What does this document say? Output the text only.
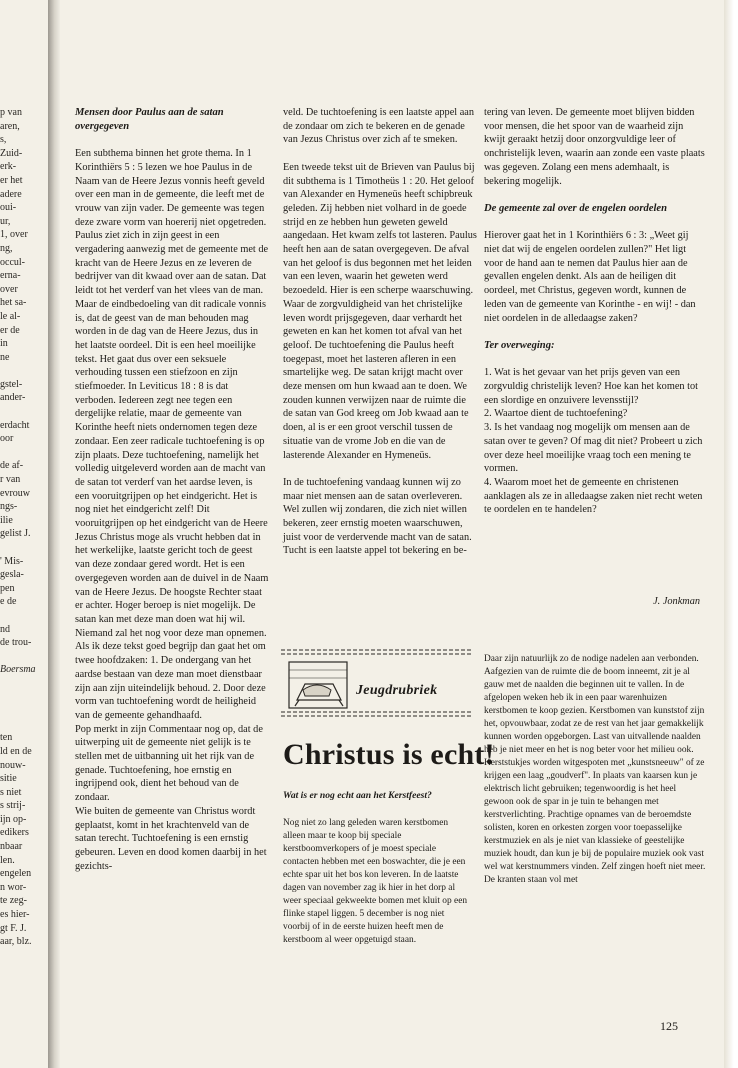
p van
aren,
s,
Zuid-
erk-
er het
adere
oui-
ur,
1, over
ng,
occul-
erna-
over
het sa-
le al-
er de
in
ne
gstel-
ander-
erdacht
oor
de af-
r van
evrouw
ngs-
ilie
gelist J.
' Mis-
gesla-
pen
e de
nd
de trou-
Boersma
ten
ld en de
nouw-
sitie
s niet
s strij-
ijn op-
edikers
nbaar
len.
engelen
n wor-
te zeg-
es hier-
gt F. J.
aar, blz.
Mensen door Paulus aan de satan overgegeven

Een subthema binnen het grote thema. In 1 Korinthiërs 5 : 5 lezen we hoe Paulus in de Naam van de Heere Jezus vonnis heeft geveld over een man in de gemeente, die leeft met de vrouw van zijn vader. De gemeente was tegen deze zware vorm van hoererij niet opgetreden. Paulus ziet zich in zijn geest in een vergadering aanwezig met de gemeente met de kracht van de Heere Jezus en ze leveren de bedrijver van dit kwaad over aan de satan. Dat leidt tot het verderf van het vlees van de man. Maar de eindbedoeling van dit radicale vonnis is, dat de geest van de man behouden mag worden in de dag van de Heere Jezus, dus in het laatste oordeel. Dit is een heel moeilijke tekst. Het gaat dus over een seksuele verhouding tussen een stiefzoon en zijn stiefmoeder. In Leviticus 18 : 8 is dat verboden. Iedereen zegt nee tegen een dergelijke relatie, maar de gemeente van Korinthe heeft niets ondernomen tegen deze zondaar. Een zeer radicale tuchtoefening is op zijn plaats. Deze tuchtoefening, namelijk het volledig uitgeleverd worden aan de macht van de satan tot verderf van het aardse leven, is een vooruitgrijpen op het eindgericht. Het is nog niet het eindgericht zelf! Dit vooruitgrijpen op het eindgericht van de Heere Jezus Christus moge als vrucht hebben dat in het werkelijke, laatste gericht toch de geest van deze zondaar gered wordt. Het is een overgegeven worden aan de duivel in de Naam van de Heere Jezus. De hoogste Rechter staat er achter. Hoger beroep is niet mogelijk. De satan kan met deze man doen wat hij wil. Niemand zal het nog voor deze man opnemen. Als ik deze tekst goed begrijp dan gaat het om twee hoofdzaken: 1. De ondergang van het aardse bestaan van deze man moet dienstbaar zijn aan zijn uiteindelijk behoud. 2. Door deze vorm van tuchtoefening wordt de heiligheid van de gemeente gehandhaafd.

Pop merkt in zijn Commentaar nog op, dat de uitwerping uit de gemeente niet gelijk is te stellen met de uitbanning uit het rijk van de genade. Tuchtoefening, hoe ernstig en ingrijpend ook, dient het behoud van de zondaar.

Wie buiten de gemeente van Christus wordt geplaatst, komt in het krachtenveld van de satan terecht. Tuchtoefening is een ernstig gebeuren. Leven en dood komen daarbij in het gezichts-

veld. De tuchtoefening is een laatste appel aan de zondaar om zich te bekeren en de genade van Jezus Christus over zich af te smeken.

Een tweede tekst uit de Brieven van Paulus bij dit subthema is 1 Timotheüs 1 : 20. Het geloof van Alexander en Hymeneüs heeft schipbreuk geleden. Zij hebben niet volhard in de goede strijd en ze hebben hun geweten geweld aangedaan. Het kwam zelfs tot lasteren. Paulus heeft hen aan de satan overgegeven. De afval van het geloof is dus begonnen met het leiden van een leven, waarin het geweten werd bezoedeld. Hier is een scherpe waarschuwing. Waar de zorgvuldigheid van het christelijke leven wordt prijsgegeven, daar verhardt het geweten en kan het komen tot afval van het geloof. De tuchtoefening die Paulus heeft toegepast, moet het lasteren afleren in een smartelijke weg. De satan krijgt macht over deze mensen om hun kwaad aan te doen. We zouden kunnen verwijzen naar de ruimte die de satan van God kreeg om Job kwaad aan te doen, al is er een groot verschil tussen de situatie van de vrome Job en die van de lasterende Alexander en Hymeneüs.

In de tuchtoefening vandaag kunnen wij zo maar niet mensen aan de satan overleveren. Wel zullen wij zondaren, die zich niet willen bekeren, zeer ernstig moeten waarschuwen, juist voor de verdervende macht van de satan. Tucht is een laatste appel tot bekering en be-

tering van leven. De gemeente moet blijven bidden voor mensen, die het spoor van de waarheid zijn kwijt geraakt hetzij door onzorgvuldige leer of onchristelijk leven, waarin aan zonde een vaste plaats was gegeven. Zolang een mens ademhaalt, is bekering mogelijk.

De gemeente zal over de engelen oordelen

Hierover gaat het in 1 Korinthiërs 6 : 3: „Weet gij niet dat wij de engelen oordelen zullen?" Het ligt voor de hand aan te nemen dat Paulus hier aan de gevallen engelen denkt. Als aan de heiligen dit oordeel, met Christus, gegeven wordt, kunnen de leden van de gemeente van Korinthe - en wij! - dan niet oordelen in de alledaagse zaken?

Ter overweging:
1. Wat is het gevaar van het prijs geven van een zorgvuldig christelijk leven? Hoe kan het komen tot een slordige en onzuivere levensstijl?
2. Waartoe dient de tuchtoefening?
3. Is het vandaag nog mogelijk om mensen aan de satan over te geven? Of mag dit niet? Probeert u zich over deze heel moeilijke vraag toch een mening te vormen.
4. Waarom moet het de gemeente en christenen aanklagen als ze in alledaagse zaken niet recht weten te oordelen en te handelen?
J. Jonkman
Jeugdrubriek
Christus is echt!
Wat is er nog echt aan het Kerstfeest?

Nog niet zo lang geleden waren kerstbomen alleen maar te koop bij speciale kerstboomverkopers of je moest speciale contacten hebben met een boswachter, die je een echte spar uit het bos kon leveren. In de laatste dagen van november zag ik hier in het dorp al weer speciaal gekweekte bomen met kluit op een flinke stapel liggen. 5 december is nog niet voorbij of in de eerste huizen heeft men de kerstboom al weer opgetuigd staan.

Daar zijn natuurlijk zo de nodige nadelen aan verbonden. Aafgezien van de ruimte die de boom inneemt, zit je al gauw met de naalden die beginnen uit te vallen. In de afgelopen weken heb ik in een paar warenhuizen kerstbomen te koop gezien. Kerstbomen van kunststof zijn het, opvouwbaar, zodat ze de rest van het jaar gemakkelijk kunnen worden opgeborgen. Last van uitvallende naalden heb je niet meer en het is nog beter voor het milieu ook. Kerststukjes worden witgespoten met „kunstsneeuw" of ze krijgen een laag „goudverf". In plaats van kaarsen kun je elektrisch licht gebruiken; tegenwoordig is het heel gewoon ook de spar in je tuin te behangen met kerstverlichting. Prachtige opnames van de beroemdste solisten, koren en orkesten zorgen voor toepasselijke kerstmuziek en als je niet van klassieke of geestelijke muziek houdt, dan kun je bij de populaire muziek ook vast wel wat kerstnummers vinden. Zelf zingen hoeft niet meer. De kranten staan vol met

125
